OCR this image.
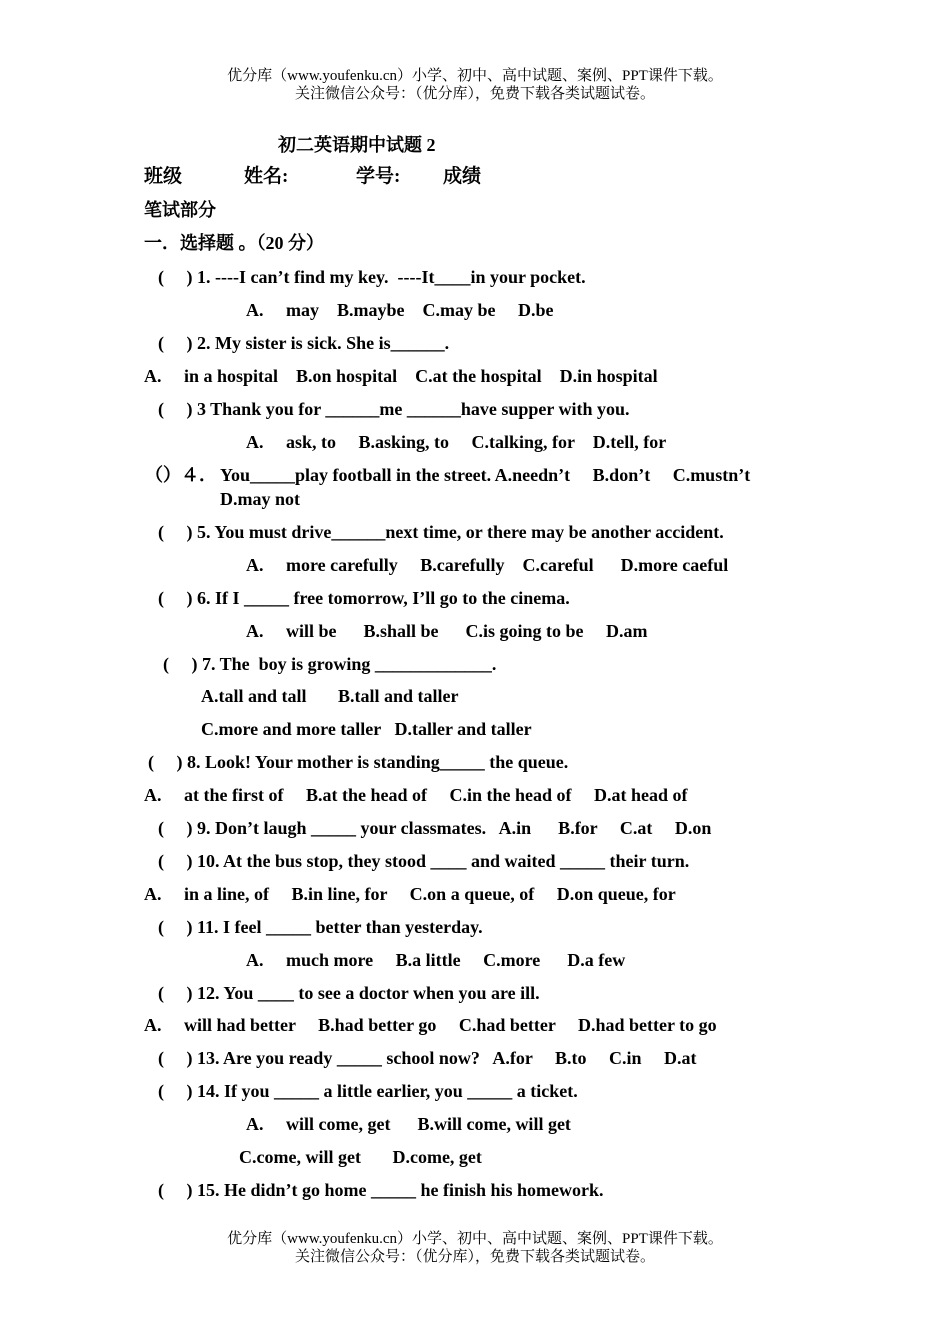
优分库（www.youfenku.cn）小学、初中、高中试题、案例、PPT课件下载。
关注微信公众号：（优分库），免费下载各类试题试卷。
初二英语期中试题 2
班级	姓名:	学号: 成绩
笔试部分
一．选择题 。（20 分）
(     ) 1. ----I can’t find my key.  ----It____in your pocket.
A.     may    B.maybe    C.may be     D.be
(     ) 2. My sister is sick. She is______.
A.     in a hospital    B.on hospital    C.at the hospital    D.in hospital
(     ) 3 Thank you for ______me ______have supper with you.
A.     ask, to     B.asking, to     C.talking, for    D.tell, for
（）４． You_____play football in the street. A.needn’t     B.don’t     C.mustn’t
D.may not
(     ) 5. You must drive______next time, or there may be another accident.
A.     more carefully     B.carefully    C.careful      D.more caeful
(     ) 6. If I _____ free tomorrow, I’ll go to the cinema.
A.     will be      B.shall be      C.is going to be     D.am
(     ) 7. The  boy is growing _____________.
A.tall and tall       B.tall and taller
C.more and more taller   D.taller and taller
(     ) 8. Look! Your mother is standing_____ the queue.
A.     at the first of     B.at the head of     C.in the head of     D.at head of
(     ) 9. Don’t laugh _____ your classmates.   A.in      B.for     C.at     D.on
(     ) 10. At the bus stop, they stood ____ and waited _____ their turn.
A.     in a line, of     B.in line, for     C.on a queue, of     D.on queue, for
(     ) 11. I feel _____ better than yesterday.
A.     much more     B.a little     C.more      D.a few
(     ) 12. You ____ to see a doctor when you are ill.
A.     will had better     B.had better go     C.had better     D.had better to go
(     ) 13. Are you ready _____ school now?   A.for     B.to     C.in     D.at
(     ) 14. If you _____ a little earlier, you _____ a ticket.
A.     will come, get      B.will come, will get
C.come, will get       D.come, get
(     ) 15. He didn’t go home _____ he finish his homework.
优分库（www.youfenku.cn）小学、初中、高中试题、案例、PPT课件下载。
关注微信公众号：（优分库），免费下载各类试题试卷。
